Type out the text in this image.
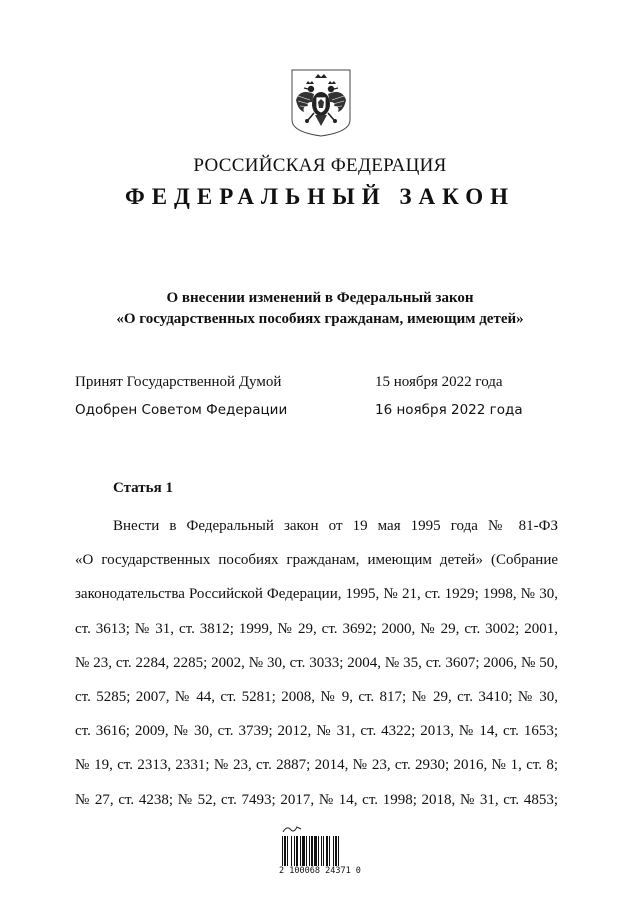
РОССИЙСКАЯ ФЕДЕРАЦИЯ
ФЕДЕРАЛЬНЫЙ ЗАКОН
О внесении изменений в Федеральный закон
«О государственных пособиях гражданам, имеющим детей»
Принят Государственной Думой	15 ноября 2022 года
Одобрен Советом Федерации	16 ноября 2022 года
Статья 1
Внести в Федеральный закон от 19 мая 1995 года № 81-ФЗ
«О государственных пособиях гражданам, имеющим детей» (Собрание
законодательства Российской Федерации, 1995, № 21, ст. 1929; 1998, № 30,
ст. 3613; № 31, ст. 3812; 1999, № 29, ст. 3692; 2000, № 29, ст. 3002; 2001,
№ 23, ст. 2284, 2285; 2002, № 30, ст. 3033; 2004, № 35, ст. 3607; 2006, № 50,
ст. 5285; 2007, № 44, ст. 5281; 2008, № 9, ст. 817; № 29, ст. 3410; № 30,
ст. 3616; 2009, № 30, ст. 3739; 2012, № 31, ст. 4322; 2013, № 14, ст. 1653;
№ 19, ст. 2313, 2331; № 23, ст. 2887; 2014, № 23, ст. 2930; 2016, № 1, ст. 8;
№ 27, ст. 4238; № 52, ст. 7493; 2017, № 14, ст. 1998; 2018, № 31, ст. 4853;
2 100068 24371 0
